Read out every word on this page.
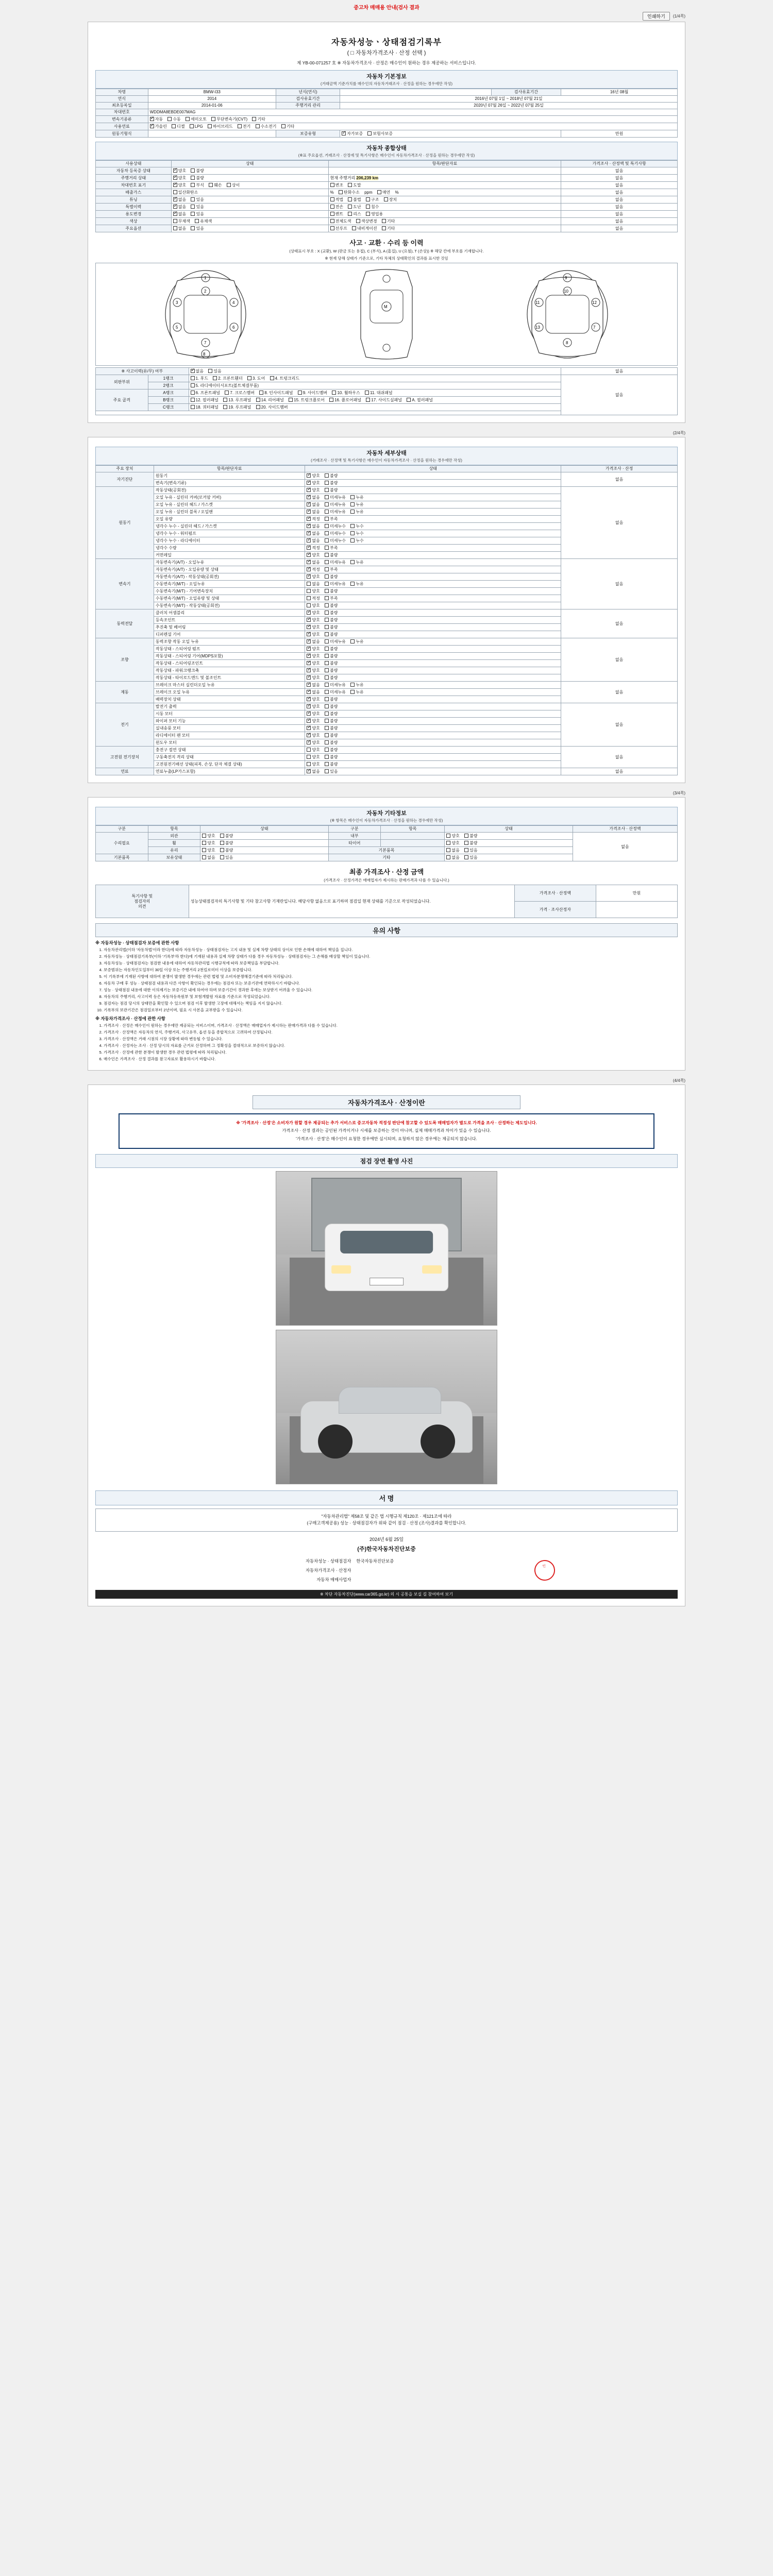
중고차 매매용 안내(검사 결과
인쇄하기	(1/4쪽)
자동차성능ㆍ상태점검기록부
( □ 자동차가격조사 · 산정 선택 )
제 YB-00-071257 호 ※ 자동차가격조사 · 산정은 매수인이 원하는 경우 제공하는 서비스입니다.
자동차 기본정보
(거래금액 기준가치를 매수인의 자동차거래조사 · 산정을 원하는 경우에만 작성)
차명	BMW-I33	년식(연식)		검사유효기간	16년 08월
연식	2014	검사유효기간	2016년 07월 1일 ~ 2018년 07월 21일		
최초등록일	2014-01-06	주행거리 관리	2020년 07월 26일 ~ 2022년 07월 25일		
차대번호	WDDMA8EBDE007MAG				
변속기종류	✓자동 수동 세미오토 무단변속기(CVT) 기타
사용연료	✓가솔린 디젤 LPG 하이브리드 전기 수소전기 기타
원동기형식		보증유형	✓자가보증 보험사보증		만원
자동차 종합상태
(※표 주요옵션, 거래조사 · 산정에 및 특기사항은 매수인이 자동차가격조사 · 산정을 원하는 경우에만 작성)
사용상태	상태	항목/판단자료	가격조사 · 산정액 및 특기사항
자동차 등록증 상태	✓양호 불량		없음
주행거리 상태	✓양호 불량	현재 주행거리 206,239 km	없음
차대번호 표기	✓양호 부식 훼손 상이	변조 도말	없음
배출가스	일산화탄소	% 탄화수소 ppm 매연 %	없음
튜닝	✓없음 있음	적법 불법 구조 장치	없음
특별이력	✓없음 있음	전손 도난 침수	없음
용도변경	✓없음 있음	렌트 리스 영업용	없음
색상	무채색 유채색	전체도색 색상변경 기타	없음
주요옵션	없음 있음	선루프 내비게이션 기타	없음
사고 · 교환 · 수리 등 이력
(상태표시 부호 : X (교환), W (판금 또는 용접), C (부식), A (흠집), U (요철), T (손상)) ※ 해당 칸에 부호를 기재합니다.
※ 현재 당해 상태가 기준으로, 기타 차체의 상태확인의 결과를 표시한 것임
1
2
3	4
5	6
7
8
M
9
10
11	12
13	7
8
※ 사고이력(유/무) 여부	✓없음 있음	없음
외판부위	1랭크	1. 후드 2. 프론트휀더 3. 도어 4. 트렁크리드	없음
	2랭크	5. 라디에이터서포트(볼트체결부품)	
주요 골격	A랭크	6. 프론트패널 7. 크로스멤버 8. 인사이드패널 9. 사이드멤버 10. 휠하우스 11. 대쉬패널	
	B랭크	12. 필러패널 13. 루프패널 14. 리어패널 15. 트렁크플로어 16. 플로어패널 17. 사이드실패널 A. 필러패널	
	C랭크	18. 쿼터패널 19. 루프패널 20. 사이드멤버	

(2/4쪽)
자동차 세부상태
(거래조사 · 산정액 및 특기사항은 매수인이 자동차가격조사 · 산정을 원하는 경우에만 작성)
주요 장치	항목/판단자료	상태	가격조사 · 산정
자기진단	원동기	✓양호 불량	없음
	변속기(변속기류)	✓양호 불량
원동기	작동상태(공회전)	✓양호 불량	없음
	오일 누유 - 실린더 커버(로커암 커버)	✓없음 미세누유 누유
	오일 누유 - 실린더 헤드 / 가스켓	✓없음 미세누유 누유
	오일 누유 - 실린더 블록 / 오일팬	✓없음 미세누유 누유
	오일 유량	✓적정 부족
	냉각수 누수 - 실린더 헤드 / 가스켓	✓없음 미세누수 누수
	냉각수 누수 - 워터펌프	✓없음 미세누수 누수
	냉각수 누수 - 라디에이터	✓없음 미세누수 누수
	냉각수 수량	✓적정 부족
	커먼레일	✓양호 불량
변속기	자동변속기(A/T) - 오일누유	✓없음 미세누유 누유	없음
	자동변속기(A/T) - 오일유량 및 상태	✓적정 부족
	자동변속기(A/T) - 작동상태(공회전)	✓양호 불량
	수동변속기(M/T) - 오일누유	없음 미세누유 누유	
	수동변속기(M/T) - 기어변속장치	양호 불량	
	수동변속기(M/T) - 오일유량 및 상태	적정 부족	
	수동변속기(M/T) - 작동상태(공회전)	양호 불량	
동력전달	클러치 어셈블리	✓양호 불량	없음
	등속조인트	✓양호 불량
	추진축 및 베어링	✓양호 불량
	디퍼렌셜 기어	✓양호 불량
조향	동력조향 작동 오일 누유	✓없음 미세누유 누유	없음
	작동상태 - 스티어링 펌프	✓양호 불량
	작동상태 - 스티어링 기어(MDPS포함)	✓양호 불량
	작동상태 - 스티어링조인트	✓양호 불량
	작동상태 - 파워크랭크축	✓양호 불량
	작동상태 - 타이로드엔드 및 볼조인트	✓양호 불량
제동	브레이크 마스터 실린더오일 누유	✓없음 미세누유 누유	없음
	브레이크 오일 누유	✓없음 미세누유 누유
	배력장치 상태	✓양호 불량
전기	발전기 출력	✓양호 불량	없음
	시동 모터	✓양호 불량
	와이퍼 모터 기능	✓양호 불량
	실내송풍 모터	✓양호 불량
	라디에이터 팬 모터	✓양호 불량
	윈도우 모터	✓양호 불량
고전원 전기장치	충전구 절연 상태	양호 불량	없음
	구동축전지 격리 상태	양호 불량	
	고전원전기배선 상태(피복, 손상, 단자 체결 상태)	양호 불량	
연료	연료누출(LP가스포함)	✓없음 있음	없음
(3/4쪽)
자동차 기타정보
(※ 항목은 매수인이 자동차가격조사 · 산정을 원하는 경우에만 작성)
구분	항목	상태	구분	항목	상태	가격조사 · 산정액
수리필요	외관	양호 불량	내부		양호 불량	없음
	휠	양호 불량	타이어		양호 불량	
	유리	양호 불량	기본품목		없음 있음	
기본품목	보유상태	없음 있음	기타		없음 있음	
최종 가격조사 · 산정 금액
(가격조사 · 산정가격은 매매업자가 제시하는 판매가격과 다를 수 있습니다.)
특기사항 및
점검자의
의견	성능상태점검자의 특기사항 및 기타 참고사항 기재란입니다. 해당사항 없음으로 표기하며 점검일 현재 상태를 기준으로 작성되었습니다.	가격조사 · 산정액	만원
		가격 · 조사산정자	
유의 사항
※ 자동차성능 · 상태점검자 보증에 관한 사항
1. 자동차관리법(이하 '자동차법'이라 한다)에 따라 자동차성능 · 상태점검자는 고지 내용 및 실제 차량 상태의 상이로 인한 손해에 대하여 책임을 집니다.
2. 자동차성능 · 상태점검기록부(이하 '기록부'라 한다)에 기재된 내용과 실제 차량 상태가 다를 경우 자동차성능 · 상태점검자는 그 손해를 배상할 책임이 있습니다.
3. 자동차성능 · 상태점검자는 점검한 내용에 대하여 자동차관리법 시행규칙에 따라 보증책임을 부담합니다.
4. 보증범위는 자동차인도일부터 30일 이상 또는 주행거리 2천킬로미터 이상을 보증합니다.
5. 이 기록부에 기재된 사항에 대하여 분쟁이 발생한 경우에는 관련 법령 및 소비자분쟁해결기준에 따라 처리됩니다.
6. 자동차 구매 후 성능 · 상태점검 내용과 다른 사항이 확인되는 경우에는 점검자 또는 보증기관에 연락하시기 바랍니다.
7. 성능 · 상태점검 내용에 대한 이의제기는 보증기간 내에 하여야 하며 보증기간이 경과한 후에는 보상받기 어려울 수 있습니다.
8. 자동차의 주행거리, 사고이력 등은 자동차등록원부 및 보험개발원 자료를 기준으로 작성되었습니다.
9. 점검자는 점검 당시의 상태만을 확인할 수 있으며 점검 이후 발생한 고장에 대해서는 책임을 지지 않습니다.
10. 기록부의 보관기간은 점검일로부터 2년이며, 필요 시 사본을 교부받을 수 있습니다.
※ 자동차가격조사 · 산정에 관한 사항
1. 가격조사 · 산정은 매수인이 원하는 경우에만 제공되는 서비스이며, 가격조사 · 산정액은 매매업자가 제시하는 판매가격과 다를 수 있습니다.
2. 가격조사 · 산정액은 자동차의 연식, 주행거리, 사고유무, 옵션 등을 종합적으로 고려하여 산정됩니다.
3. 가격조사 · 산정액은 거래 시점의 시장 상황에 따라 변동될 수 있습니다.
4. 가격조사 · 산정자는 조사 · 산정 당시의 자료를 근거로 산정하며 그 정확성을 절대적으로 보증하지 않습니다.
5. 가격조사 · 산정에 관한 분쟁이 발생한 경우 관련 법령에 따라 처리됩니다.
6. 매수인은 가격조사 · 산정 결과를 참고자료로 활용하시기 바랍니다.
(4/4쪽)
자동차가격조사 · 산정이란

※ '가격조사 · 산정'은 소비자가 원할 경우 제공되는 추가 서비스로 중고자동차 적정성 판단에 참고할 수 있도록 매매업자가 별도로 가격을 조사 · 산정하는 제도입니다.

가격조사 · 산정 결과는 공인된 가격이거나 시세를 보증하는 것이 아니며, 실제 매매가격과 차이가 있을 수 있습니다.

'가격조사 · 산정'은 매수인이 요청한 경우에만 실시되며, 요청하지 않은 경우에는 제공되지 않습니다.

점검 장면 촬영 사진
서 명
"자동차관리법" 제58조 및 같은 법 시행규칙 제120조 · 제121조에 따라
(구매고객제공용) 성능 · 상태점검자가 위와 같이 점검 · 산정 (조사)결과를 확인합니다.
2024년 6월 25일
(주)한국자동차진단보증
자동차성능 · 상태점검자	한국자동차진단보증	인
자동차가격조사 · 산정자		
자동차 매매사업자		
※ 차단 자동차진단(www.car365.go.kr) 의 시 공통을 보실 길 참여하여 보기
